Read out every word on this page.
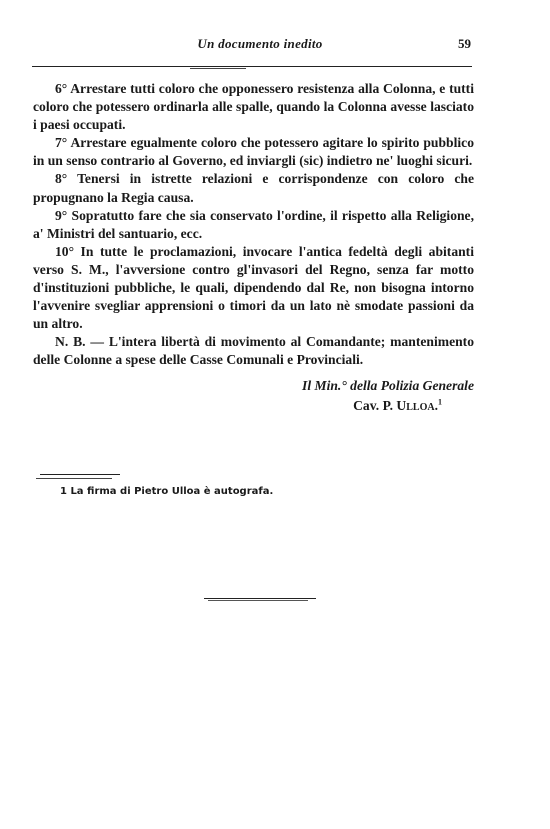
Un documento inedito	59

6° Arrestare tutti coloro che opponessero resistenza alla Colonna, e tutti coloro che potessero ordinarla alle spalle, quando la Colonna avesse lasciato i paesi occupati.

7° Arrestare egualmente coloro che potessero agitare lo spirito pubblico in un senso contrario al Governo, ed inviargli (sic) indietro ne' luoghi sicuri.

8° Tenersi in istrette relazioni e corrispondenze con coloro che propugnano la Regia causa.

9° Sopratutto fare che sia conservato l'ordine, il rispetto alla Religione, a' Ministri del santuario, ecc.

10° In tutte le proclamazioni, invocare l'antica fedeltà degli abitanti verso S. M., l'avversione contro gl'invasori del Regno, senza far motto d'instituzioni pubbliche, le quali, dipendendo dal Re, non bisogna intorno l'avvenire svegliar apprensioni o timori da un lato nè smodate passioni da un altro.

N. B. — L'intera libertà di movimento al Comandante; mantenimento delle Colonne a spese delle Casse Comunali e Provinciali.

Il Min.° della Polizia Generale
Cav. P. Ulloa.$^1$
1 La firma di Pietro Ulloa è autografa.
